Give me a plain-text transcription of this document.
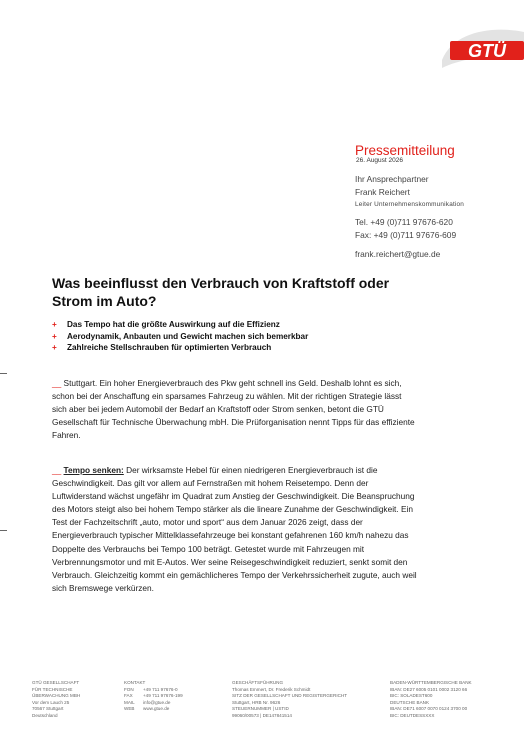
GTÜ
26. August 2026
Pressemitteilung
Ihr Ansprechpartner
Frank Reichert
Leiter Unternehmenskommunikation
Tel. +49 (0)711 97676-620
Fax: +49 (0)711 97676-609
frank.reichert@gtue.de
Was beeinflusst den Verbrauch von Kraftstoff oder Strom im Auto?
+ Das Tempo hat die größte Auswirkung auf die Effizienz
+ Aerodynamik, Anbauten und Gewicht machen sich bemerkbar
+ Zahlreiche Stellschrauben für optimierten Verbrauch

__ Stuttgart. Ein hoher Energieverbrauch des Pkw geht schnell ins Geld. Deshalb lohnt es sich, schon bei der Anschaffung ein sparsames Fahrzeug zu wählen. Mit der richtigen Strategie lässt sich aber bei jedem Automobil der Bedarf an Kraftstoff oder Strom senken, betont die GTÜ Gesellschaft für Technische Überwachung mbH. Die Prüforganisation nennt Tipps für das effiziente Fahren.

__ Tempo senken: Der wirksamste Hebel für einen niedrigeren Energieverbrauch ist die Geschwindigkeit. Das gilt vor allem auf Fernstraßen mit hohem Reisetempo. Denn der Luftwiderstand wächst ungefähr im Quadrat zum Anstieg der Geschwindigkeit. Die Beanspruchung des Motors steigt also bei hohem Tempo stärker als die lineare Zunahme der Geschwindigkeit. Ein Test der Fachzeitschrift „auto, motor und sport“ aus dem Januar 2026 zeigt, dass der Energieverbrauch typischer Mittelklassefahrzeuge bei konstant gefahrenen 160 km/h nahezu das Doppelte des Verbrauchs bei Tempo 100 beträgt. Getestet wurde mit Fahrzeugen mit Verbrennungsmotor und mit E-Autos. Wer seine Reisegeschwindigkeit reduziert, senkt somit den Verbrauch. Gleichzeitig kommt ein gemächlicheres Tempo der Verkehrssicherheit zugute, auch weil sich Bremswege verkürzen.

GTÜ GESELLSCHAFT
FÜR TECHNISCHE
ÜBERWACHUNG MBH
Vor dem Lauch 25
70567 Stuttgart
Deutschland
KONTAKT
FON +49 711 97676-0
FAX +49 711 97676-199
MAIL info@gtue.de
WEB www.gtue.de
GESCHÄFTSFÜHRUNG
Thomas Emmert, Dr. Frederik Schmidt
SITZ DER GESELLSCHAFT UND REGISTERGERICHT
Stuttgart, HRB Nr. 9626
STEUERNUMMER | USTID
99060/00573 | DE147841514
BADEN-WÜRTTEMBERGISCHE BANK
IBAN: DE27 6005 0101 0002 3120 66
BIC: SOLADEST600
DEUTSCHE BANK
IBAN: DE71 6007 0070 0124 3700 00
BIC: DEUTDESSXXX
